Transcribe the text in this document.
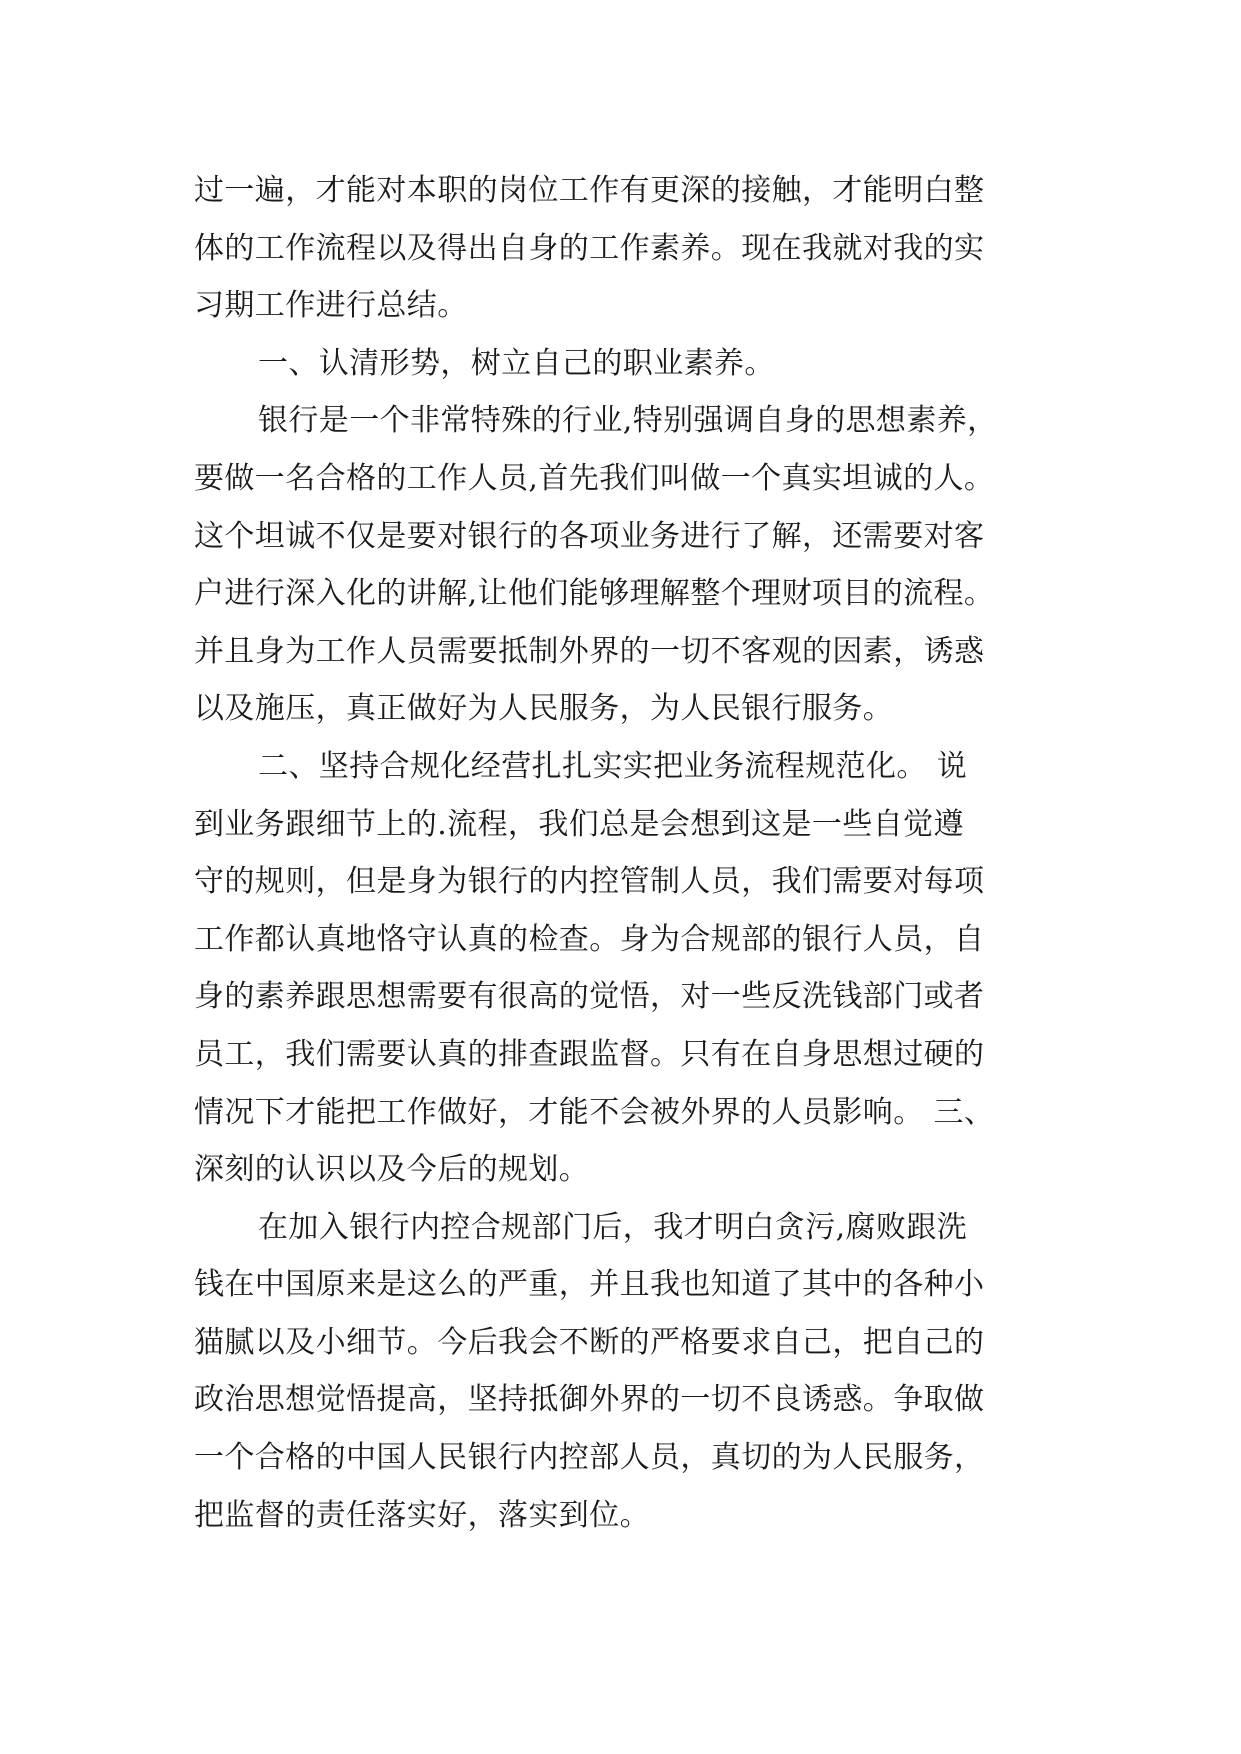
过一遍，才能对本职的岗位工作有更深的接触，才能明白整
体的工作流程以及得出自身的工作素养。现在我就对我的实
习期工作进行总结。
一、认清形势，树立自己的职业素养。
银行是一个非常特殊的行业,特别强调自身的思想素养，
要做一名合格的工作人员,首先我们叫做一个真实坦诚的人。
这个坦诚不仅是要对银行的各项业务进行了解，还需要对客
户进行深入化的讲解,让他们能够理解整个理财项目的流程。
并且身为工作人员需要抵制外界的一切不客观的因素，诱惑
以及施压，真正做好为人民服务，为人民银行服务。
二、坚持合规化经营扎扎实实把业务流程规范化。 说
到业务跟细节上的.流程，我们总是会想到这是一些自觉遵
守的规则，但是身为银行的内控管制人员，我们需要对每项
工作都认真地恪守认真的检查。身为合规部的银行人员，自
身的素养跟思想需要有很高的觉悟，对一些反洗钱部门或者
员工，我们需要认真的排查跟监督。只有在自身思想过硬的
情况下才能把工作做好，才能不会被外界的人员影响。 三、
深刻的认识以及今后的规划。
在加入银行内控合规部门后，我才明白贪污,腐败跟洗
钱在中国原来是这么的严重，并且我也知道了其中的各种小
猫腻以及小细节。今后我会不断的严格要求自己，把自己的
政治思想觉悟提高，坚持抵御外界的一切不良诱惑。争取做
一个合格的中国人民银行内控部人员，真切的为人民服务，
把监督的责任落实好，落实到位。
